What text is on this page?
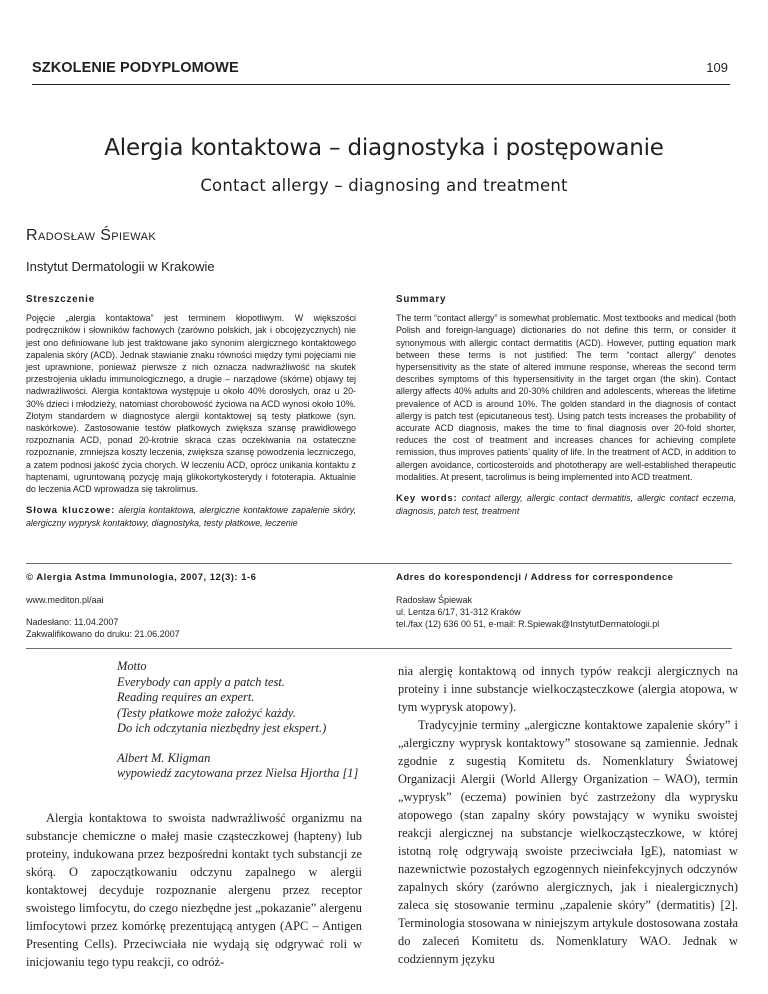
SZKOLENIE PODYPLOMOWE	109
Alergia kontaktowa – diagnostyka i postępowanie
Contact allergy – diagnosing and treatment
Radosław Śpiewak
Instytut Dermatologii w Krakowie
Streszczenie

Pojęcie „alergia kontaktowa” jest terminem kłopotliwym. W większości podręczników i słowników fachowych (zarówno polskich, jak i obcojęzycznych) nie jest ono definiowane lub jest traktowane jako synonim alergicznego kontaktowego zapalenia skóry (ACD). Jednak stawianie znaku równości między tymi pojęciami nie jest uprawnione, ponieważ pierwsze z nich oznacza nadwrażliwość na skutek przestrojenia układu immunologicznego, a drugie – narządowe (skórne) objawy tej nadwrażliwości. Alergia kontaktowa występuje u około 40% dorosłych, oraz u 20-30% dzieci i młodzieży, natomiast chorobowość życiowa na ACD wynosi około 10%. Złotym standardem w diagnostyce alergii kontaktowej są testy płatkowe (syn. naskórkowe). Zastosowanie testów płatkowych zwiększa szansę prawidłowego rozpoznania ACD, ponad 20-krotnie skraca czas oczekiwania na ostateczne rozpoznanie, zmniejsza koszty leczenia, zwiększa szansę powodzenia leczniczego, a zatem podnosi jakość życia chorych. W leczeniu ACD, oprócz unikania kontaktu z haptenami, ugruntowaną pozycję mają glikokortykosterydy i fototerapia. Aktualnie do leczenia ACD wprowadza się takrolimus.

Słowa kluczowe: alergia kontaktowa, alergiczne kontaktowe zapalenie skóry, alergiczny wyprysk kontaktowy, diagnostyka, testy płatkowe, leczenie
Summary

The term “contact allergy” is somewhat problematic. Most textbooks and medical (both Polish and foreign-language) dictionaries do not define this term, or consider it synonymous with allergic contact dermatitis (ACD). However, putting equation mark between these terms is not justified: The term “contact allergy” denotes hypersensitivity as the state of altered immune response, whereas the second term describes symptoms of this hypersensitivity in the target organ (the skin). Contact allergy affects 40% adults and 20-30% children and adolescents, whereas the lifetime prevalence of ACD is around 10%. The golden standard in the diagnosis of contact allergy is patch test (epicutaneous test). Using patch tests increases the probability of accurate ACD diagnosis, makes the time to final diagnosis over 20-fold shorter, reduces the cost of treatment and increases chances for achieving complete remission, thus improves patients’ quality of life. In the treatment of ACD, in addition to allergen avoidance, corticosteroids and phototherapy are well-established therapeutic modalities. At present, tacrolimus is being implemented into ACD treatment.

Key words: contact allergy, allergic contact dermatitis, allergic contact eczema, diagnosis, patch test, treatment

© Alergia Astma Immunologia, 2007, 12(3): 1-6

www.mediton.pl/aai

Nadesłano: 11.04.2007

Zakwalifikowano do druku: 21.06.2007

Adres do korespondencji / Address for correspondence

Radosław Śpiewak

ul. Lentza 6/17, 31-312 Kraków

tel./fax (12) 636 00 51, e-mail: R.Spiewak@InstytutDermatologii.pl

Motto

Everybody can apply a patch test.

Reading requires an expert.

(Testy płatkowe może założyć każdy.

Do ich odczytania niezbędny jest ekspert.)

Albert M. Kligman

wypowiedź zacytowana przez Nielsa Hjortha [1]

Alergia kontaktowa to swoista nadwrażliwość organizmu na substancje chemiczne o małej masie cząsteczkowej (hapteny) lub proteiny, indukowana przez bezpośredni kontakt tych substancji ze skórą. O zapoczątkowaniu odczynu zapalnego w alergii kontaktowej decyduje rozpoznanie alergenu przez receptor swoistego limfocytu, do czego niezbędne jest „pokazanie” alergenu limfocytowi przez komórkę prezentującą antygen (APC – Antigen Presenting Cells). Przeciwciała nie wydają się odgrywać roli w inicjowaniu tego typu reakcji, co odróż-

nia alergię kontaktową od innych typów reakcji alergicznych na proteiny i inne substancje wielkocząsteczkowe (alergia atopowa, w tym wyprysk atopowy).

Tradycyjnie terminy „alergiczne kontaktowe zapalenie skóry” i „alergiczny wyprysk kontaktowy” stosowane są zamiennie. Jednak zgodnie z sugestią Komitetu ds. Nomenklatury Światowej Organizacji Alergii (World Allergy Organization – WAO), termin „wyprysk” (eczema) powinien być zastrzeżony dla wyprysku atopowego (stan zapalny skóry powstający w wyniku swoistej reakcji alergicznej na substancje wielkocząsteczkowe, w której istotną rolę odgrywają swoiste przeciwciała IgE), natomiast w nazewnictwie pozostałych egzogennych nieinfekcyjnych odczynów zapalnych skóry (zarówno alergicznych, jak i niealergicznych) zaleca się stosowanie terminu „zapalenie skóry” (dermatitis) [2]. Terminologia stosowana w niniejszym artykule dostosowana została do zaleceń Komitetu ds. Nomenklatury WAO. Jednak w codziennym języku
